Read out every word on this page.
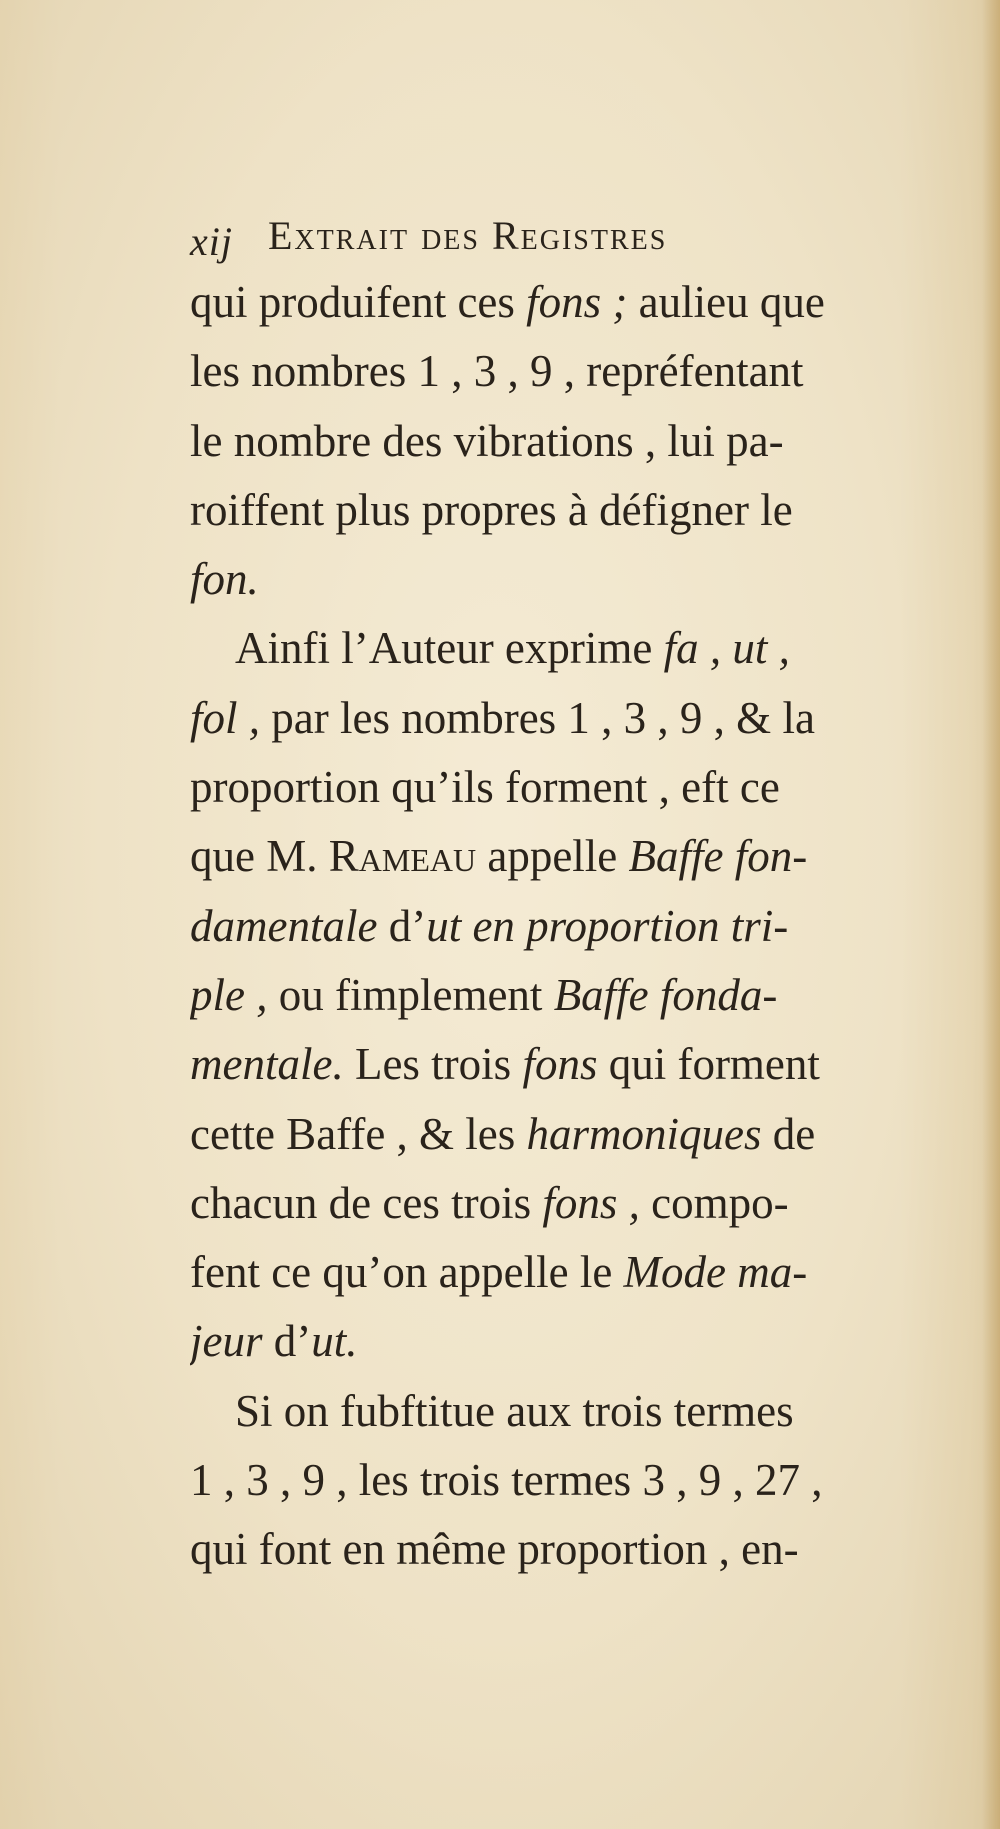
xij Extrait des Registres
qui produifent ces fons ; aulieu que
les nombres 1 , 3 , 9 , repréfentant
le nombre des vibrations , lui pa-
roiffent plus propres à défigner le
fon.
Ainfi l’Auteur exprime fa , ut ,
fol , par les nombres 1 , 3 , 9 , & la
proportion qu’ils forment , eft ce
que M. Rameau appelle Baffe fon-
damentale d’ut en proportion tri-
ple , ou fimplement Baffe fonda-
mentale. Les trois fons qui forment
cette Baffe , & les harmoniques de
chacun de ces trois fons , compo-
fent ce qu’on appelle le Mode ma-
jeur d’ut.
Si on fubftitue aux trois termes
1 , 3 , 9 , les trois termes 3 , 9 , 27 ,
qui font en même proportion , en-
